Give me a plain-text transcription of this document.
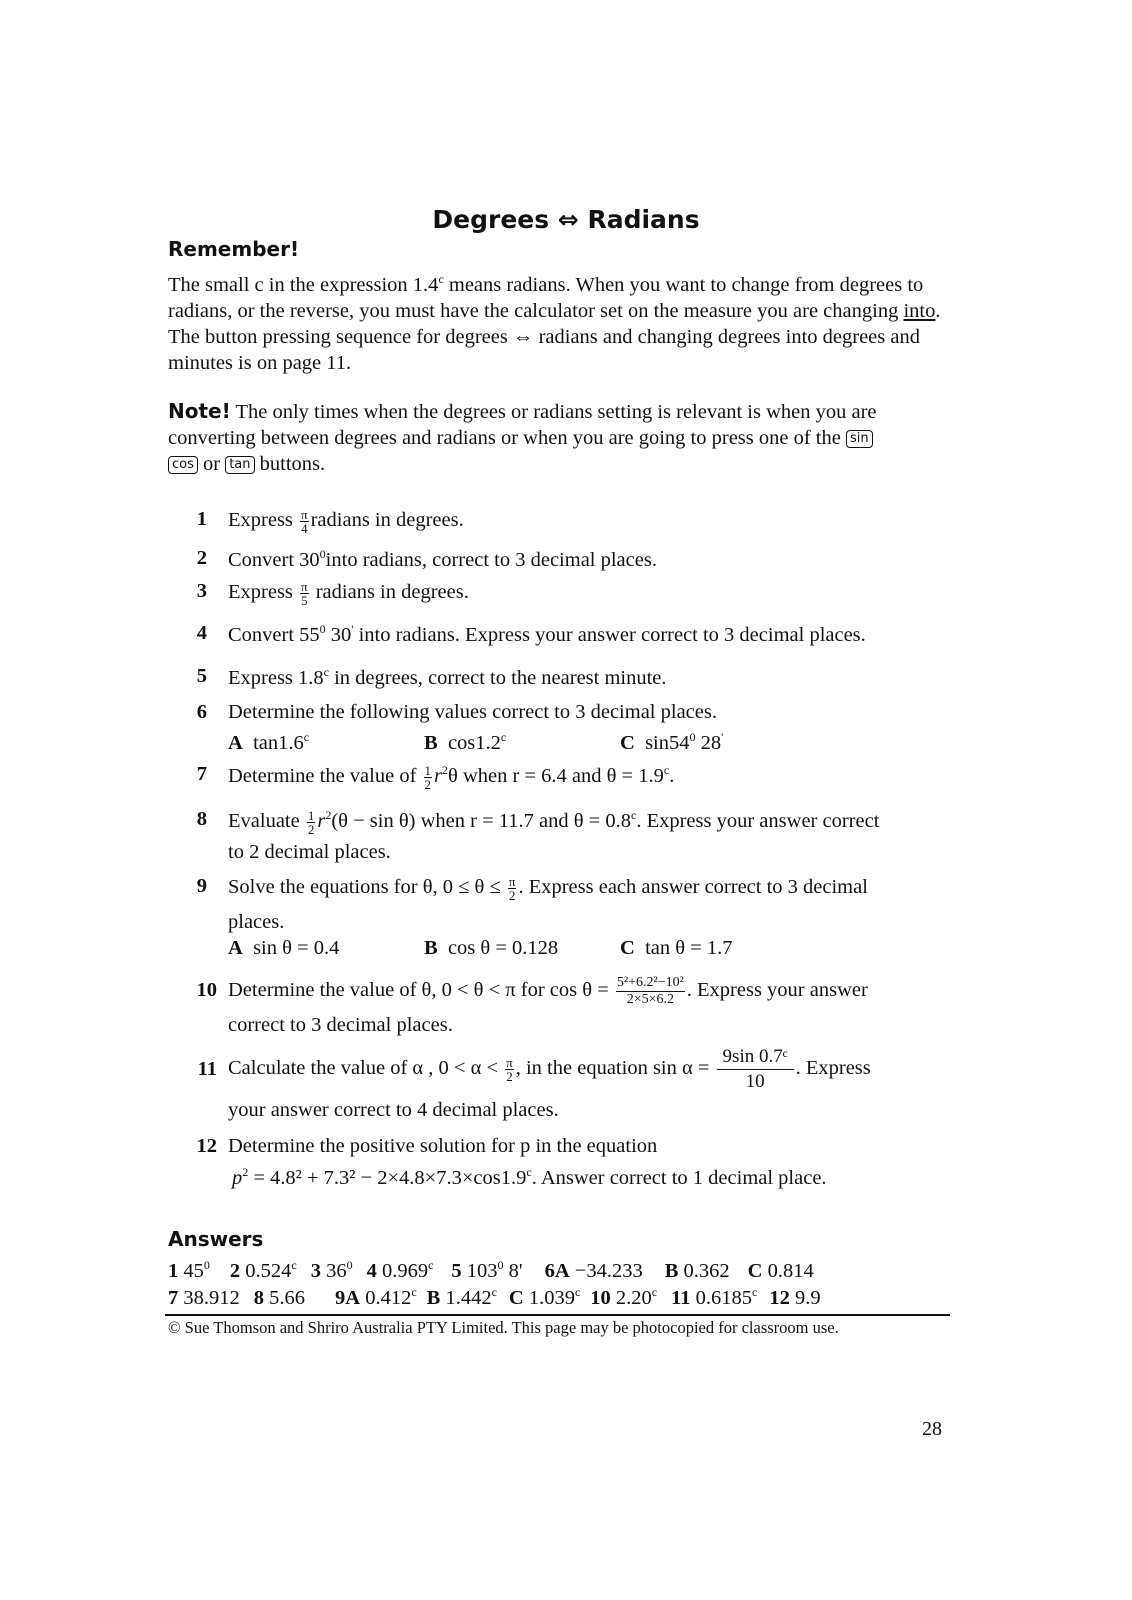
Degrees ⇔ Radians
Remember!
The small c in the expression 1.4$^c$ means radians. When you want to change from degrees to radians, or the reverse, you must have the calculator set on the measure you are changing into. The button pressing sequence for degrees ⇔ radians and changing degrees into degrees and minutes is on page 11.
Note! The only times when the degrees or radians setting is relevant is when you are converting between degrees and radians or when you are going to press one of the sin
cos or tan buttons.
1 Express $\frac{\pi}{4}$ radians in degrees.
2 Convert $30^0into$ radians, correct to 3 decimal places.
3 Express $\frac{\pi}{5}$ radians in degrees.
4 Convert $55^0$ 30' into radians. Express your answer correct to 3 decimal places.
5 Express 1.8$^c$ in degrees, correct to the nearest minute.
6 Determine the following values correct to 3 decimal places.
A tan1.6$^c$	B cos1.2$^c$	C $\sin 54^0$ 28'
7 Determine the value of $\frac{1}{2} r^2\theta$ when r = 6.4 and θ = 1.9$^c$.
8 Evaluate $\frac{1}{2} r^2(\theta - \sin \theta)$ when r = 11.7 and θ = 0.8$^c$. Express your answer correct
to 2 decimal places.
9 Solve the equations for θ, $0 \le \theta \le \frac{\pi}{2}$ . Express each answer correct to 3 decimal
places.
A sin θ = 0.4	B cos θ = 0.128	C tan θ = 1.7
10 Determine the value of θ, 0 < θ < π for $\cos \theta = \frac{\text{5²+6.2²−10²}}{2\times 5\times 6.2}$ . Express your answer
correct to 3 decimal places.
11 Calculate the value of α , $0 < \alpha < \frac{\pi}{2}$ , in the equation $\sin \alpha = \frac{\text{9sin 0.7ᶜ}}{10}$. Express
your answer correct to 4 decimal places.
12 Determine the positive solution for p in the equation
$p^2 = 4.8^2 + 7.3^2 - 2\times 4.8\times 7.3\times\cos 1.9^c$. Answer correct to 1 decimal place.
Answers
1 $45^0$ 2 0.524$^c$ 3 $36^0$ 4 0.969$^c$ 5 $103^0$ 8' 6A −34.233 B 0.362 C 0.814
7 38.912 8 5.66 9A 0.412$^c$ B 1.442$^c$ C 1.039$^c$ 10 2.20$^c$ 11 0.6185$^c$ 12 9.9
© Sue Thomson and Shriro Australia PTY Limited. This page may be photocopied for classroom use.
28
